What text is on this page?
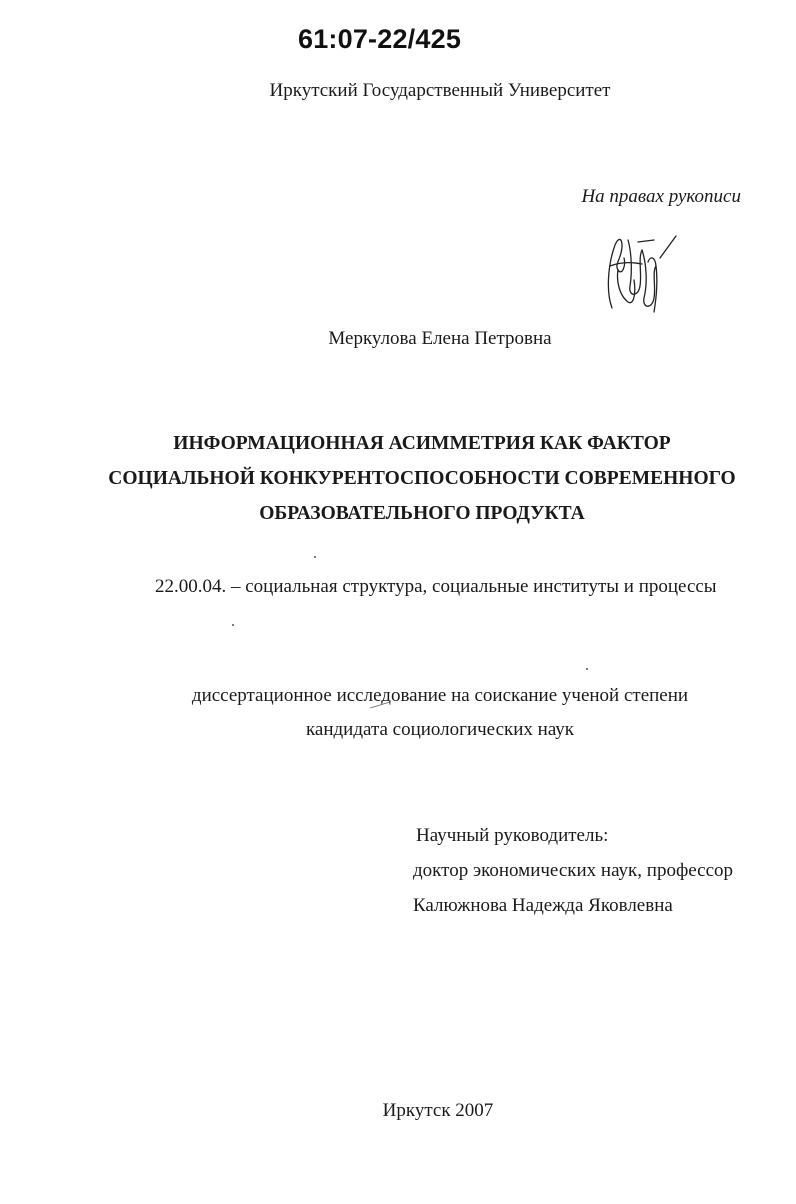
61:07-22/425
Иркутский Государственный Университет
На правах рукописи
Меркулова Елена Петровна
ИНФОРМАЦИОННАЯ АСИММЕТРИЯ КАК ФАКТОР
СОЦИАЛЬНОЙ КОНКУРЕНТОСПОСОБНОСТИ СОВРЕМЕННОГО
ОБРАЗОВАТЕЛЬНОГО ПРОДУКТА
22.00.04. – социальная структура, социальные институты и процессы
диссертационное исследование на соискание ученой степени
кандидата социологических наук
Научный руководитель:
доктор экономических наук, профессор
Калюжнова Надежда Яковлевна
Иркутск 2007
